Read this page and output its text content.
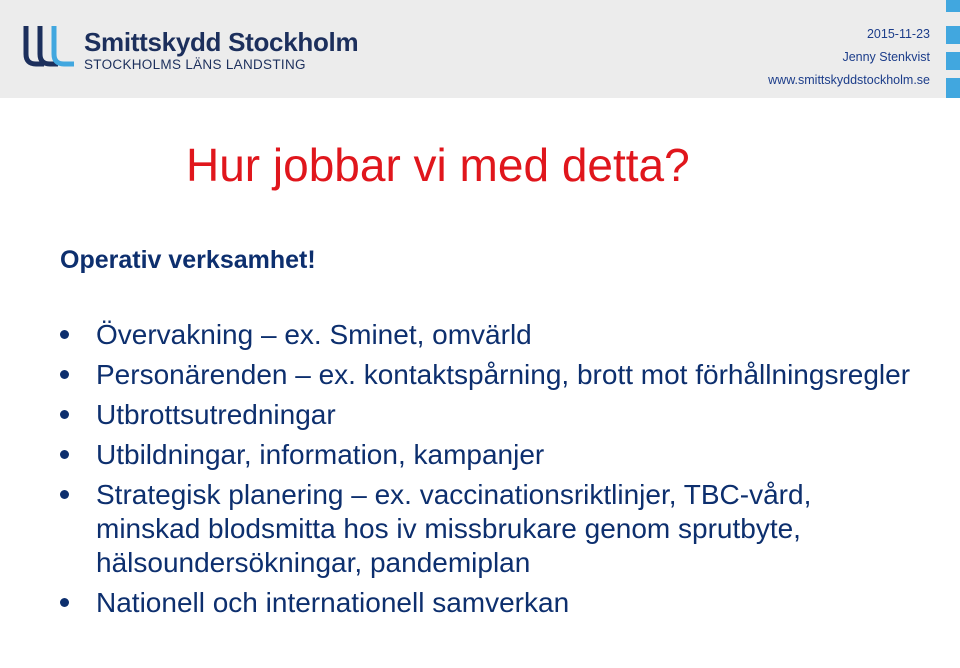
Smittskydd Stockholm
STOCKHOLMS LÄNS LANDSTING
2015-11-23
Jenny Stenkvist
www.smittskyddstockholm.se
Hur jobbar vi med detta?
Operativ verksamhet!
Övervakning – ex. Sminet, omvärld
Personärenden – ex. kontaktspårning, brott mot förhållningsregler
Utbrottsutredningar
Utbildningar, information, kampanjer
Strategisk planering – ex. vaccinationsriktlinjer, TBC-vård, minskad blodsmitta hos iv missbrukare genom sprutbyte, hälsoundersökningar, pandemiplan
Nationell och internationell samverkan
